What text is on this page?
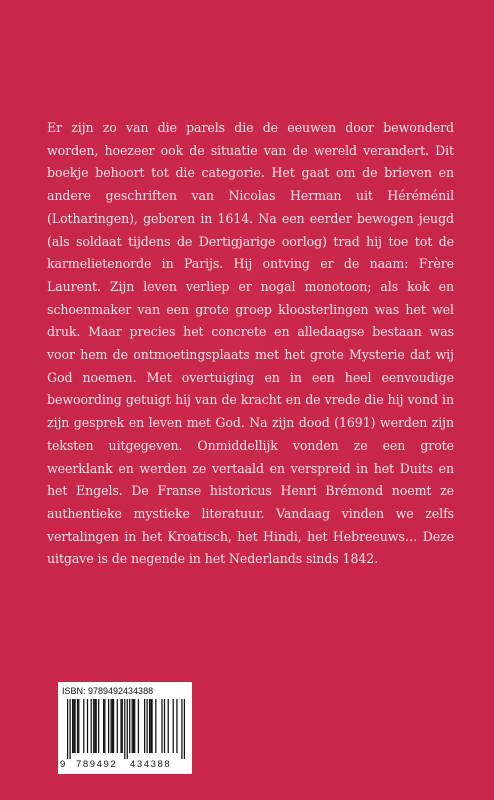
Er zijn zo van die parels die de eeuwen door bewonderd worden, hoezeer ook de situatie van de wereld verandert. Dit boekje behoort tot die categorie. Het gaat om de brieven en andere geschriften van Nicolas Herman uit Héréménil (Lotharingen), geboren in 1614. Na een eerder bewogen jeugd (als soldaat tijdens de Dertigjarige oorlog) trad hij toe tot de karmelietenorde in Parijs. Hij ontving er de naam: Frère Laurent. Zijn leven verliep er nogal monotoon; als kok en schoenmaker van een grote groep kloosterlingen was het wel druk. Maar precies het concrete en alledaagse bestaan was voor hem de ontmoetingsplaats met het grote Mysterie dat wij God noemen. Met overtuiging en in een heel eenvoudige bewoording getuigt hij van de kracht en de vrede die hij vond in zijn gesprek en leven met God. Na zijn dood (1691) werden zijn teksten uitgegeven. Onmiddellijk vonden ze een grote weerklank en werden ze vertaald en verspreid in het Duits en het Engels. De Franse historicus Henri Brémond noemt ze authentieke mystieke literatuur. Vandaag vinden we zelfs vertalingen in het Kroatisch, het Hindi, het Hebreeuws… Deze uitgave is de negende in het Nederlands sinds 1842.

ISBN: 9789492434388
9 789492 434388
